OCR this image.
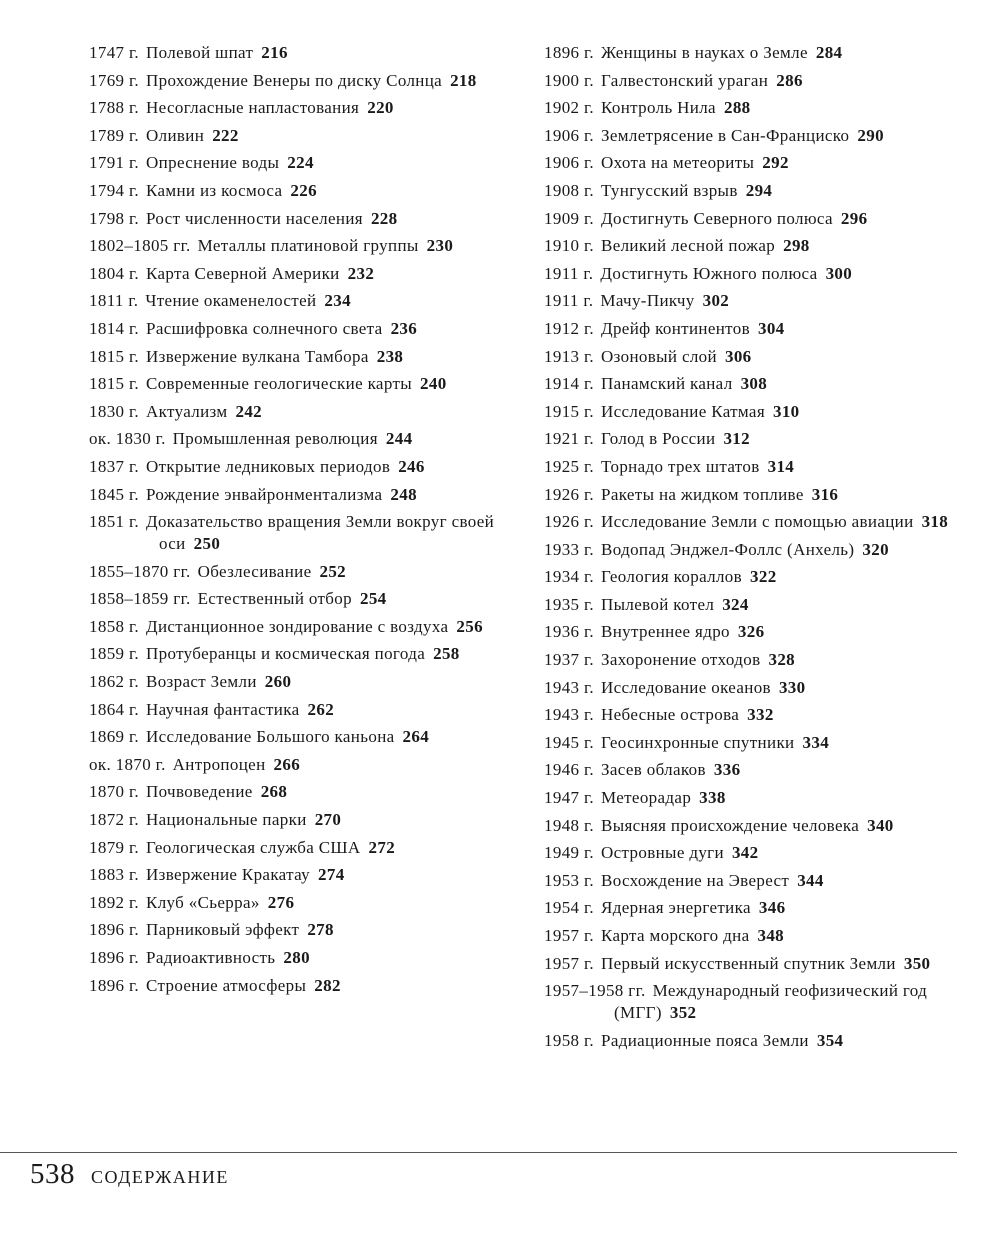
1747 г. Полевой шпат 216
1769 г. Прохождение Венеры по диску Солнца 218
1788 г. Несогласные напластования 220
1789 г. Оливин 222
1791 г. Опреснение воды 224
1794 г. Камни из космоса 226
1798 г. Рост численности населения 228
1802–1805 гг. Металлы платиновой группы 230
1804 г. Карта Северной Америки 232
1811 г. Чтение окаменелостей 234
1814 г. Расшифровка солнечного света 236
1815 г. Извержение вулкана Тамбора 238
1815 г. Современные геологические карты 240
1830 г. Актуализм 242
ок. 1830 г. Промышленная революция 244
1837 г. Открытие ледниковых периодов 246
1845 г. Рождение энвайронментализма 248
1851 г. Доказательство вращения Земли вокруг своей оси 250
1855–1870 гг. Обезлесивание 252
1858–1859 гг. Естественный отбор 254
1858 г. Дистанционное зондирование с воздуха 256
1859 г. Протуберанцы и космическая погода 258
1862 г. Возраст Земли 260
1864 г. Научная фантастика 262
1869 г. Исследование Большого каньона 264
ок. 1870 г. Антропоцен 266
1870 г. Почвоведение 268
1872 г. Национальные парки 270
1879 г. Геологическая служба США 272
1883 г. Извержение Кракатау 274
1892 г. Клуб «Сьерра» 276
1896 г. Парниковый эффект 278
1896 г. Радиоактивность 280
1896 г. Строение атмосферы 282
1896 г. Женщины в науках о Земле 284
1900 г. Галвестонский ураган 286
1902 г. Контроль Нила 288
1906 г. Землетрясение в Сан-Франциско 290
1906 г. Охота на метеориты 292
1908 г. Тунгусский взрыв 294
1909 г. Достигнуть Северного полюса 296
1910 г. Великий лесной пожар 298
1911 г. Достигнуть Южного полюса 300
1911 г. Мачу-Пикчу 302
1912 г. Дрейф континентов 304
1913 г. Озоновый слой 306
1914 г. Панамский канал 308
1915 г. Исследование Катмая 310
1921 г. Голод в России 312
1925 г. Торнадо трех штатов 314
1926 г. Ракеты на жидком топливе 316
1926 г. Исследование Земли с помощью авиации 318
1933 г. Водопад Энджел-Фоллс (Анхель) 320
1934 г. Геология кораллов 322
1935 г. Пылевой котел 324
1936 г. Внутреннее ядро 326
1937 г. Захоронение отходов 328
1943 г. Исследование океанов 330
1943 г. Небесные острова 332
1945 г. Геосинхронные спутники 334
1946 г. Засев облаков 336
1947 г. Метеорадар 338
1948 г. Выясняя происхождение человека 340
1949 г. Островные дуги 342
1953 г. Восхождение на Эверест 344
1954 г. Ядерная энергетика 346
1957 г. Карта морского дна 348
1957 г. Первый искусственный спутник Земли 350
1957–1958 гг. Международный геофизический год (МГГ) 352
1958 г. Радиационные пояса Земли 354
538 СОДЕРЖАНИЕ
